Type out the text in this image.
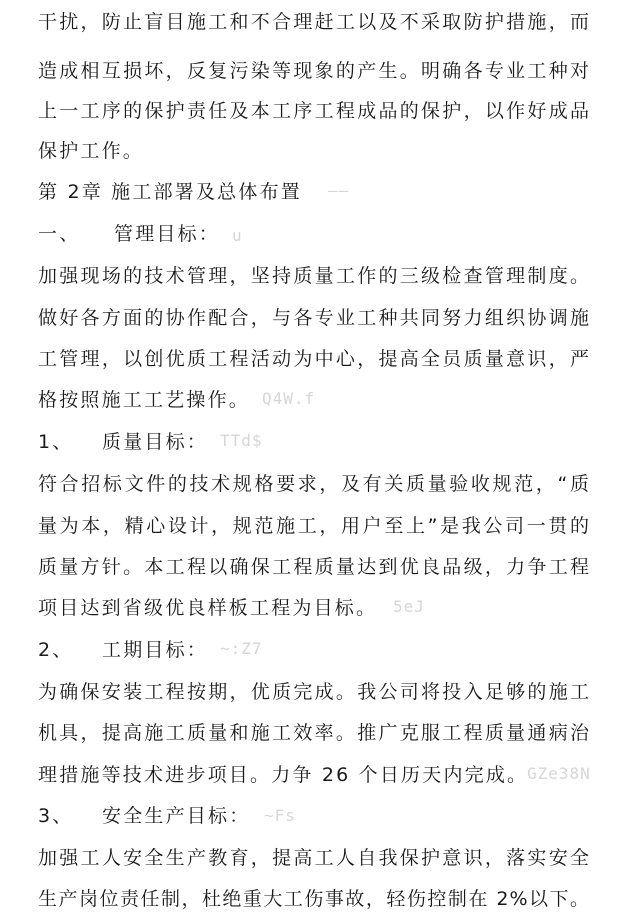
干扰，防止盲目施工和不合理赶工以及不采取防护措施，而
造成相互损坏，反复污染等现象的产生。明确各专业工种对
上一工序的保护责任及本工序工程成品的保护，以作好成品
保护工作。
第 2章 施工部署及总体布置 ——
一、 管理目标： u
加强现场的技术管理，坚持质量工作的三级检查管理制度。
做好各方面的协作配合，与各专业工种共同努力组织协调施
工管理，以创优质工程活动为中心，提高全员质量意识，严
格按照施工工艺操作。 Q4W.f
1、 质量目标： TTd$
符合招标文件的技术规格要求，及有关质量验收规范，“质
量为本，精心设计，规范施工，用户至上”是我公司一贯的
质量方针。本工程以确保工程质量达到优良品级，力争工程
项目达到省级优良样板工程为目标。 5eJ
2、 工期目标： ~:Z7
为确保安装工程按期，优质完成。我公司将投入足够的施工
机具，提高施工质量和施工效率。推广克服工程质量通病治
理措施等技术进步项目。力争 26 个日历天内完成。
GZe38N
3、 安全生产目标： ~Fs
加强工人安全生产教育，提高工人自我保护意识，落实安全
生产岗位责任制，杜绝重大工伤事故，轻伤控制在 2%以下。
